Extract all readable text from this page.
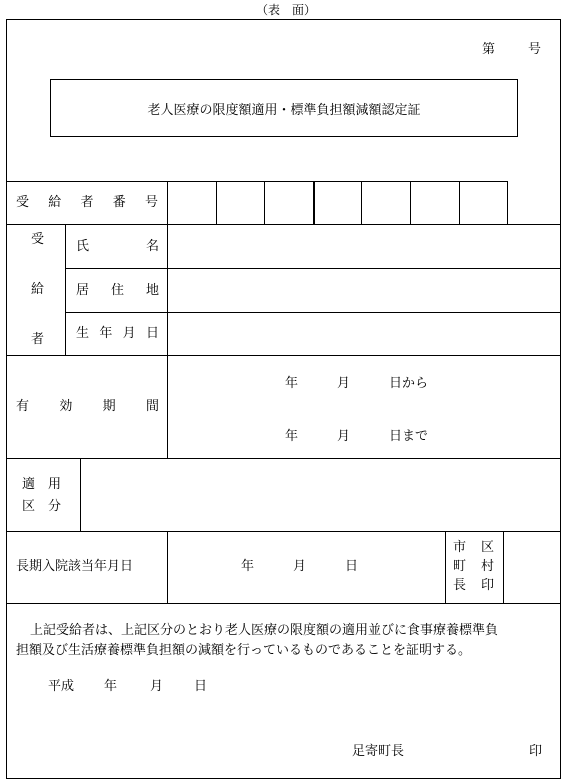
（表　面）
第	号
老人医療の限度額適用・標準負担額減額認定証
受 給 者 番 号
受
給
者
氏	名
居 住 地
生 年 月 日
有 効 期 間
年　　　月　　　日から
年　　　月　　　日まで
適　用
区　分
長期入院該当年月日	年　　　月　　　日
市 区
町 村
長 印
上記受給者は、上記区分のとおり老人医療の限度額の適用並びに食事療養標準負
担額及び生活療養標準負担額の減額を行っているものであることを証明する。
平成 年	月 日
足寄町長	印
